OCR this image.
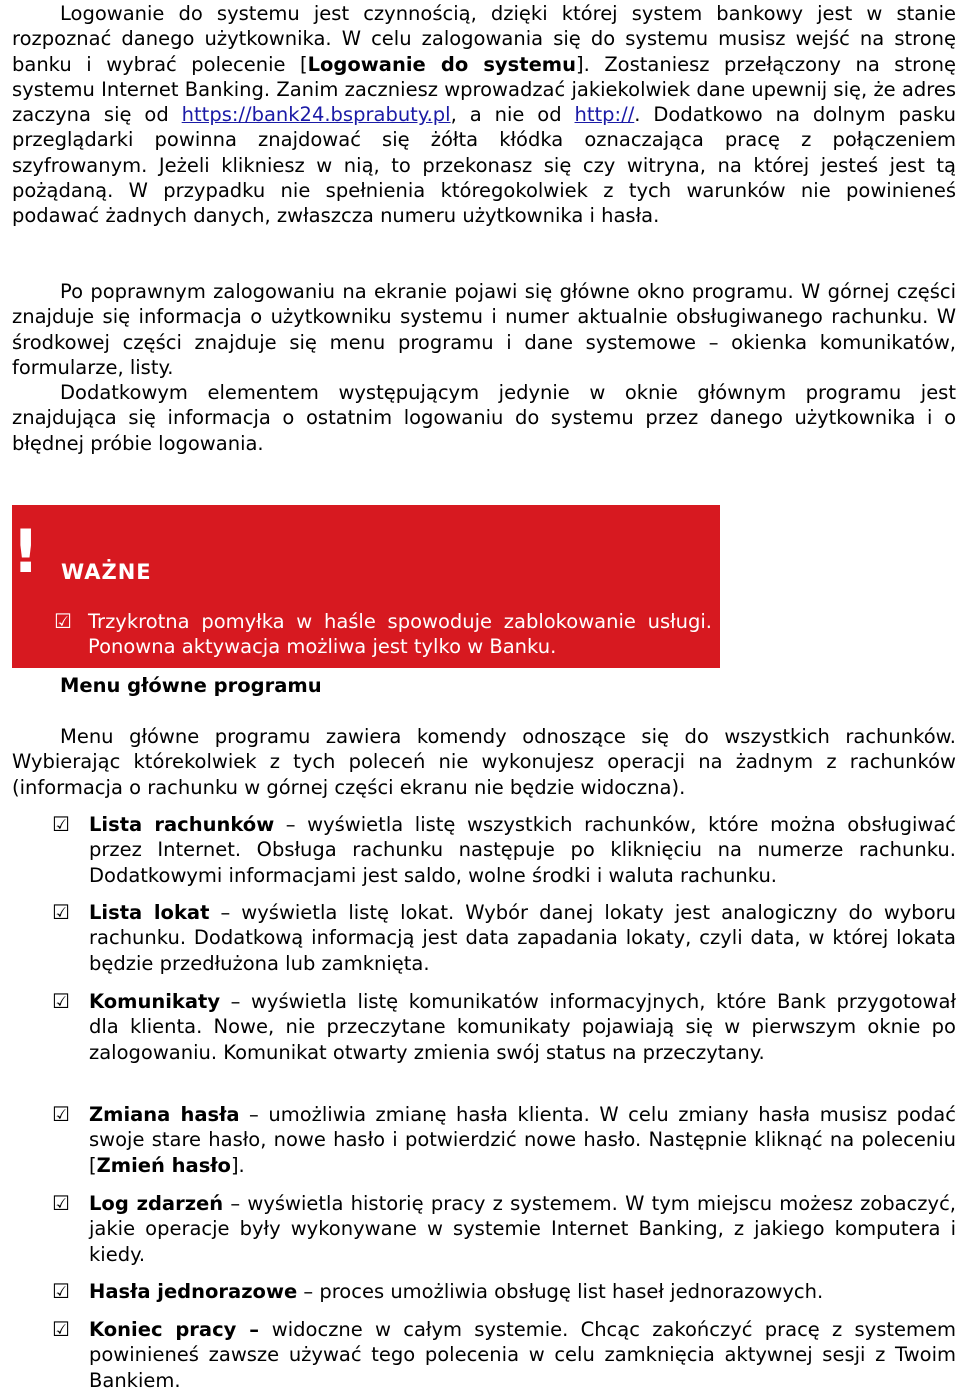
Logowanie do systemu jest czynnością, dzięki której system bankowy jest w stanie rozpoznać danego użytkownika. W celu zalogowania się do systemu musisz wejść na stronę banku i wybrać polecenie [Logowanie do systemu]. Zostaniesz przełączony na stronę systemu Internet Banking. Zanim zaczniesz wprowadzać jakiekolwiek dane upewnij się, że adres zaczyna się od https://bank24.bsprabuty.pl, a nie od http://. Dodatkowo na dolnym pasku przeglądarki powinna znajdować się żółta kłódka oznaczająca pracę z połączeniem szyfrowanym. Jeżeli klikniesz w nią, to przekonasz się czy witryna, na której jesteś jest tą pożądaną. W przypadku nie spełnienia któregokolwiek z tych warunków nie powinieneś podawać żadnych danych, zwłaszcza numeru użytkownika i hasła.

Po poprawnym zalogowaniu na ekranie pojawi się główne okno programu. W górnej części znajduje się informacja o użytkowniku systemu i numer aktualnie obsługiwanego rachunku. W środkowej części znajduje się menu programu i dane systemowe – okienka komunikatów, formularze, listy.

Dodatkowym elementem występującym jedynie w oknie głównym programu jest znajdująca się informacja o ostatnim logowaniu do systemu przez danego użytkownika i o błędnej próbie logowania.

! WAŻNE
☑ Trzykrotna pomyłka w haśle spowoduje zablokowanie usługi. Ponowna aktywacja możliwa jest tylko w Banku.
Menu główne programu

Menu główne programu zawiera komendy odnoszące się do wszystkich rachunków. Wybierając którekolwiek z tych poleceń nie wykonujesz operacji na żadnym z rachunków (informacja o rachunku w górnej części ekranu nie będzie widoczna).

☑ Lista rachunków – wyświetla listę wszystkich rachunków, które można obsługiwać przez Internet. Obsługa rachunku następuje po kliknięciu na numerze rachunku. Dodatkowymi informacjami jest saldo, wolne środki i waluta rachunku.

☑ Lista lokat – wyświetla listę lokat. Wybór danej lokaty jest analogiczny do wyboru rachunku. Dodatkową informacją jest data zapadania lokaty, czyli data, w której lokata będzie przedłużona lub zamknięta.

☑ Komunikaty – wyświetla listę komunikatów informacyjnych, które Bank przygotował dla klienta. Nowe, nie przeczytane komunikaty pojawiają się w pierwszym oknie po zalogowaniu. Komunikat otwarty zmienia swój status na przeczytany.

☑ Zmiana hasła – umożliwia zmianę hasła klienta. W celu zmiany hasła musisz podać swoje stare hasło, nowe hasło i potwierdzić nowe hasło. Następnie kliknąć na poleceniu [Zmień hasło].

☑ Log zdarzeń – wyświetla historię pracy z systemem. W tym miejscu możesz zobaczyć, jakie operacje były wykonywane w systemie Internet Banking, z jakiego komputera i kiedy.

☑ Hasła jednorazowe – proces umożliwia obsługę list haseł jednorazowych.

☑ Koniec pracy – widoczne w całym systemie. Chcąc zakończyć pracę z systemem powinieneś zawsze używać tego polecenia w celu zamknięcia aktywnej sesji z Twoim Bankiem.
